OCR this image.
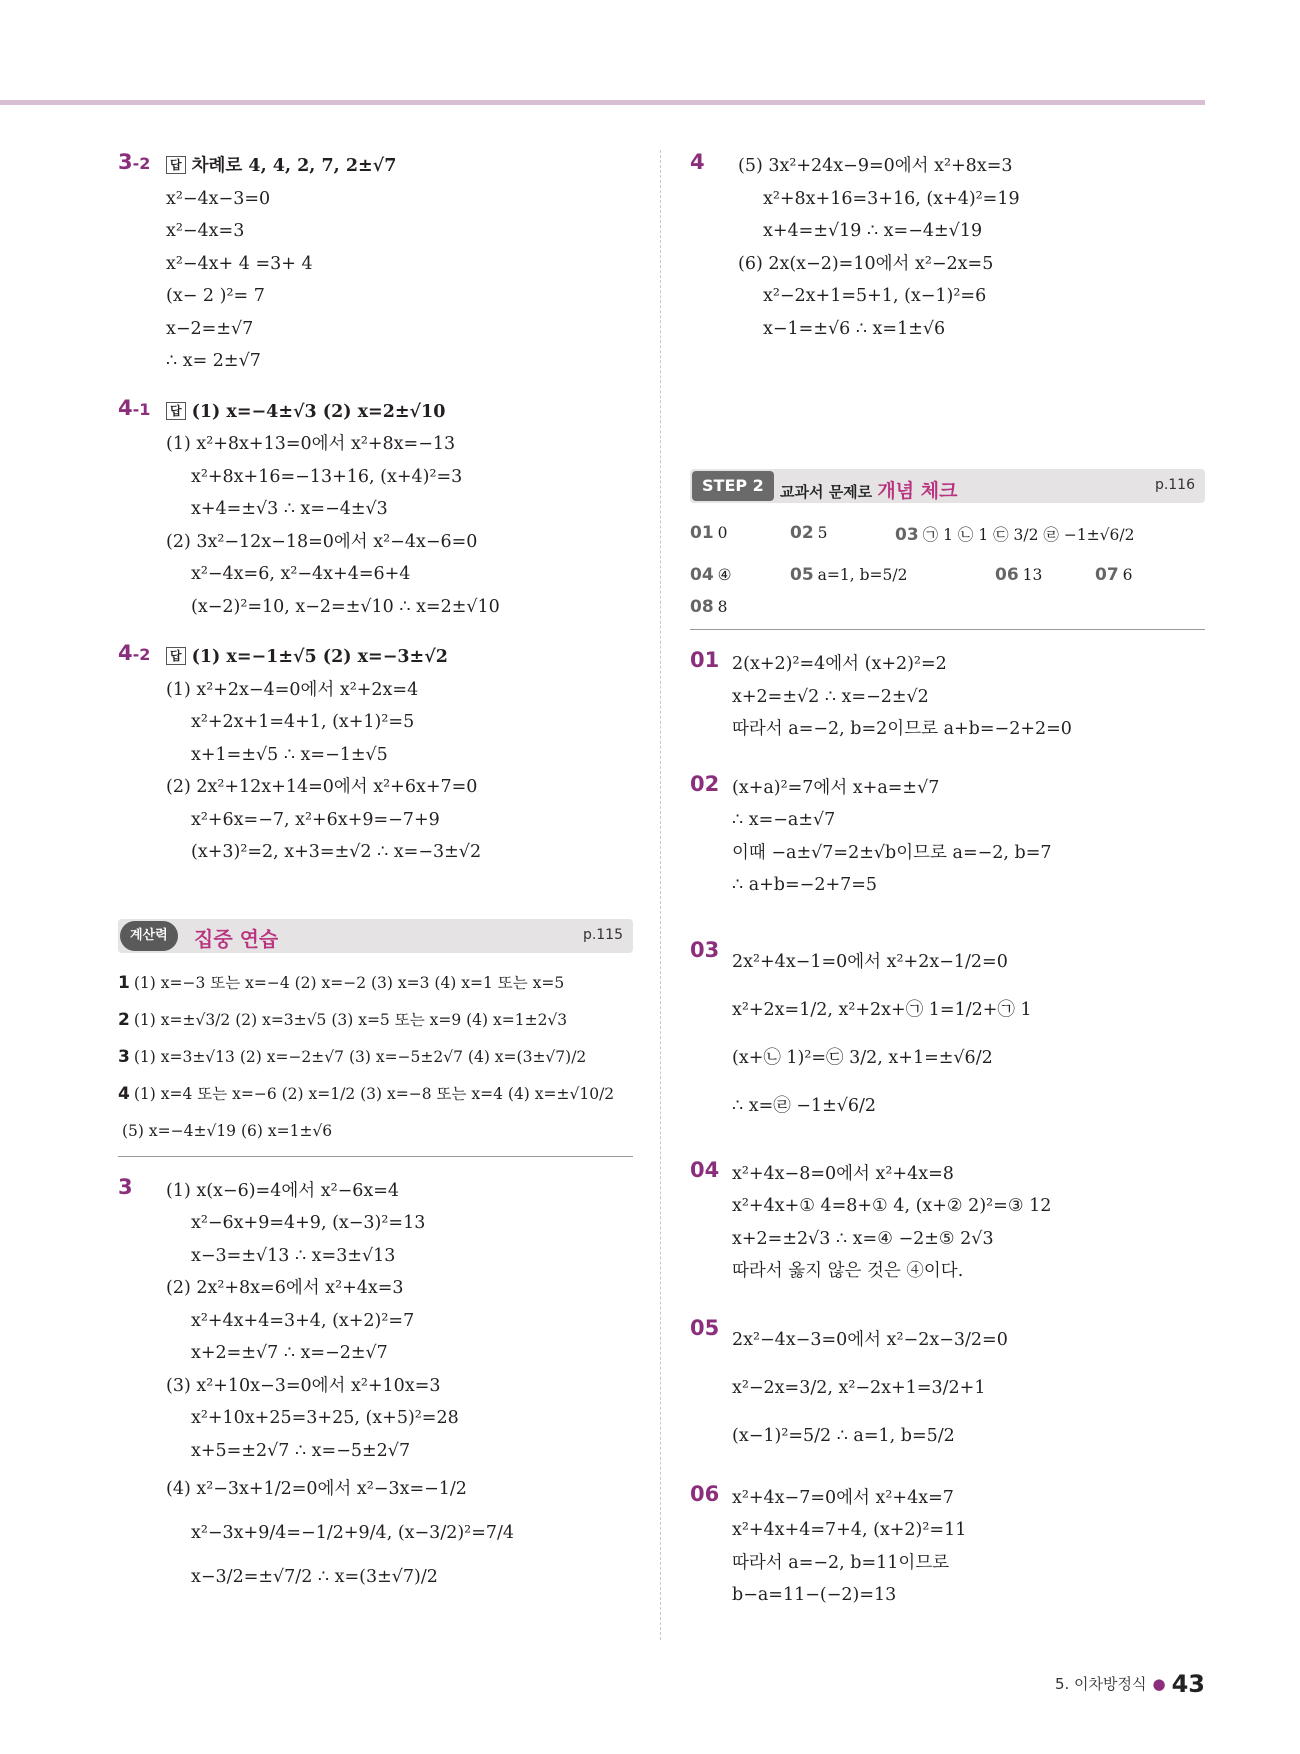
3-2	답 차례로 4, 4, 2, 7, 2±√7
x²−4x−3=0
x²−4x=3
x²−4x+ 4 =3+ 4
(x− 2 )²= 7
x−2=±√7
∴ x= 2±√7
4-1	답 (1) x=−4±√3 (2) x=2±√10
(1) x²+8x+13=0에서 x²+8x=−13
x²+8x+16=−13+16, (x+4)²=3
x+4=±√3 ∴ x=−4±√3
(2) 3x²−12x−18=0에서 x²−4x−6=0
x²−4x=6, x²−4x+4=6+4
(x−2)²=10, x−2=±√10 ∴ x=2±√10
4-2	답 (1) x=−1±√5 (2) x=−3±√2
(1) x²+2x−4=0에서 x²+2x=4
x²+2x+1=4+1, (x+1)²=5
x+1=±√5 ∴ x=−1±√5
(2) 2x²+12x+14=0에서 x²+6x+7=0
x²+6x=−7, x²+6x+9=−7+9
(x+3)²=2, x+3=±√2 ∴ x=−3±√2
계산력	집중 연습	p.115
1 (1) x=−3 또는 x=−4 (2) x=−2 (3) x=3 (4) x=1 또는 x=5
2 (1) x=±√3/2 (2) x=3±√5 (3) x=5 또는 x=9 (4) x=1±2√3
3 (1) x=3±√13 (2) x=−2±√7 (3) x=−5±2√7 (4) x=(3±√7)/2
4 (1) x=4 또는 x=−6 (2) x=1/2 (3) x=−8 또는 x=4 (4) x=±√10/2
(5) x=−4±√19 (6) x=1±√6
3 (1) x(x−6)=4에서 x²−6x=4
x²−6x+9=4+9, (x−3)²=13
x−3=±√13 ∴ x=3±√13
(2) 2x²+8x=6에서 x²+4x=3
x²+4x+4=3+4, (x+2)²=7
x+2=±√7 ∴ x=−2±√7
(3) x²+10x−3=0에서 x²+10x=3
x²+10x+25=3+25, (x+5)²=28
x+5=±2√7 ∴ x=−5±2√7
(4) x²−3x+1/2=0에서 x²−3x=−1/2
x²−3x+9/4=−1/2+9/4, (x−3/2)²=7/4
x−3/2=±√7/2 ∴ x=(3±√7)/2
4 (5) 3x²+24x−9=0에서 x²+8x=3
x²+8x+16=3+16, (x+4)²=19
x+4=±√19 ∴ x=−4±√19
(6) 2x(x−2)=10에서 x²−2x=5
x²−2x+1=5+1, (x−1)²=6
x−1=±√6 ∴ x=1±√6
STEP 2	교과서 문제로 개념 체크	p.116
01 0	02 5	03 ㉠ 1 ㉡ 1 ㉢ 3/2 ㉣ −1±√6/2
04 ④	05 a=1, b=5/2	06 13	07 6
08 8
01 2(x+2)²=4에서 (x+2)²=2
x+2=±√2 ∴ x=−2±√2
따라서 a=−2, b=2이므로 a+b=−2+2=0
02 (x+a)²=7에서 x+a=±√7
∴ x=−a±√7
이때 −a±√7=2±√b이므로 a=−2, b=7
∴ a+b=−2+7=5
03 2x²+4x−1=0에서 x²+2x−1/2=0
x²+2x=1/2, x²+2x+㉠ 1=1/2+㉠ 1
(x+㉡ 1)²=㉢ 3/2, x+1=±√6/2
∴ x=㉣ −1±√6/2
04 x²+4x−8=0에서 x²+4x=8
x²+4x+① 4=8+① 4, (x+② 2)²=③ 12
x+2=±2√3 ∴ x=④ −2±⑤ 2√3
따라서 옳지 않은 것은 ④이다.
05 2x²−4x−3=0에서 x²−2x−3/2=0
x²−2x=3/2, x²−2x+1=3/2+1
(x−1)²=5/2 ∴ a=1, b=5/2
06 x²+4x−7=0에서 x²+4x=7
x²+4x+4=7+4, (x+2)²=11
따라서 a=−2, b=11이므로
b−a=11−(−2)=13
5. 이차방정식 ● 43
